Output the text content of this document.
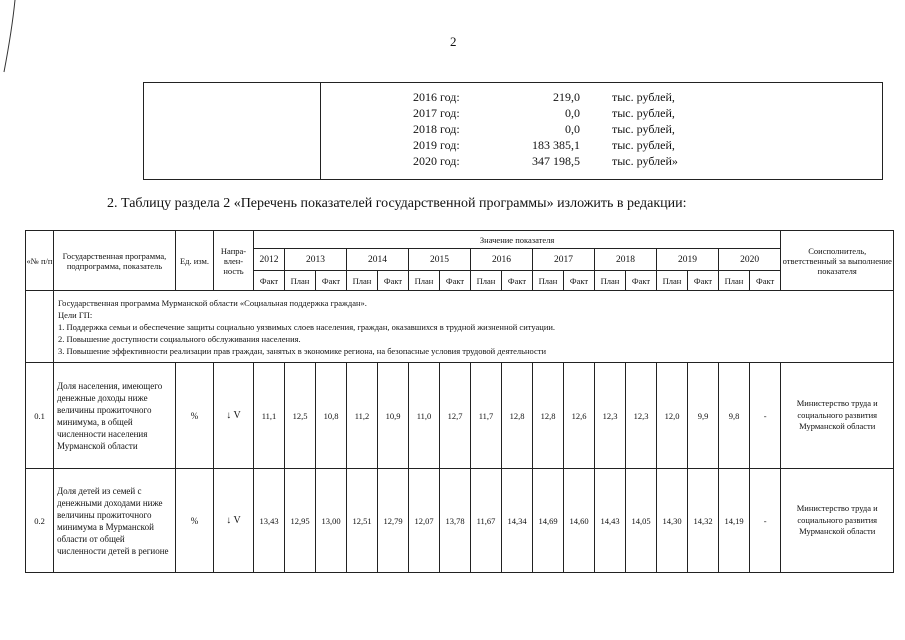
2

2016 год:	219,0	тыс. рублей,
2017 год:	0,0	тыс. рублей,
2018 год:	0,0	тыс. рублей,
2019 год:	183 385,1	тыс. рублей,
2020 год:	347 198,5	тыс. рублей»
2. Таблицу раздела 2 «Перечень показателей государственной программы» изложить в редакции:
«№ п/п	Государственная программа, подпрограмма, показатель	Ед. изм.	Напра-влен-ность	Значение показателя																	Соисполнитель, ответственный за выполнение показателя
				2012	2013		2014		2015		2016		2017		2018		2019		2020		
				Факт	План	Факт	План	Факт	План	Факт	План	Факт	План	Факт	План	Факт	План	Факт	План	Факт	

	Государственная программа Мурманской области «Социальная поддержка граждан».
Цели ГП:
1. Поддержка семьи и обеспечение защиты социально уязвимых слоев населения, граждан, оказавшихся в трудной жизненной ситуации.
2. Повышение доступности социального обслуживания населения.
3. Повышение эффективности реализации прав граждан, занятых в экономике региона, на безопасные условия трудовой деятельности																				

0.1	Доля населения, имеющего денежные доходы ниже величины прожиточного минимума, в общей численности населения Мурманской области	%	↓ V	11,1	12,5	10,8	11,2	10,9	11,0	12,7	11,7	12,8	12,8	12,6	12,3	12,3	12,0	9,9	9,8	-	Министерство труда и социального развития Мурманской области
0.2	Доля детей из семей с денежными доходами ниже величины прожиточного минимума в Мурманской области от общей численности детей в регионе	%	↓ V	13,43	12,95	13,00	12,51	12,79	12,07	13,78	11,67	14,34	14,69	14,60	14,43	14,05	14,30	14,32	14,19	-	Министерство труда и социального развития Мурманской области
